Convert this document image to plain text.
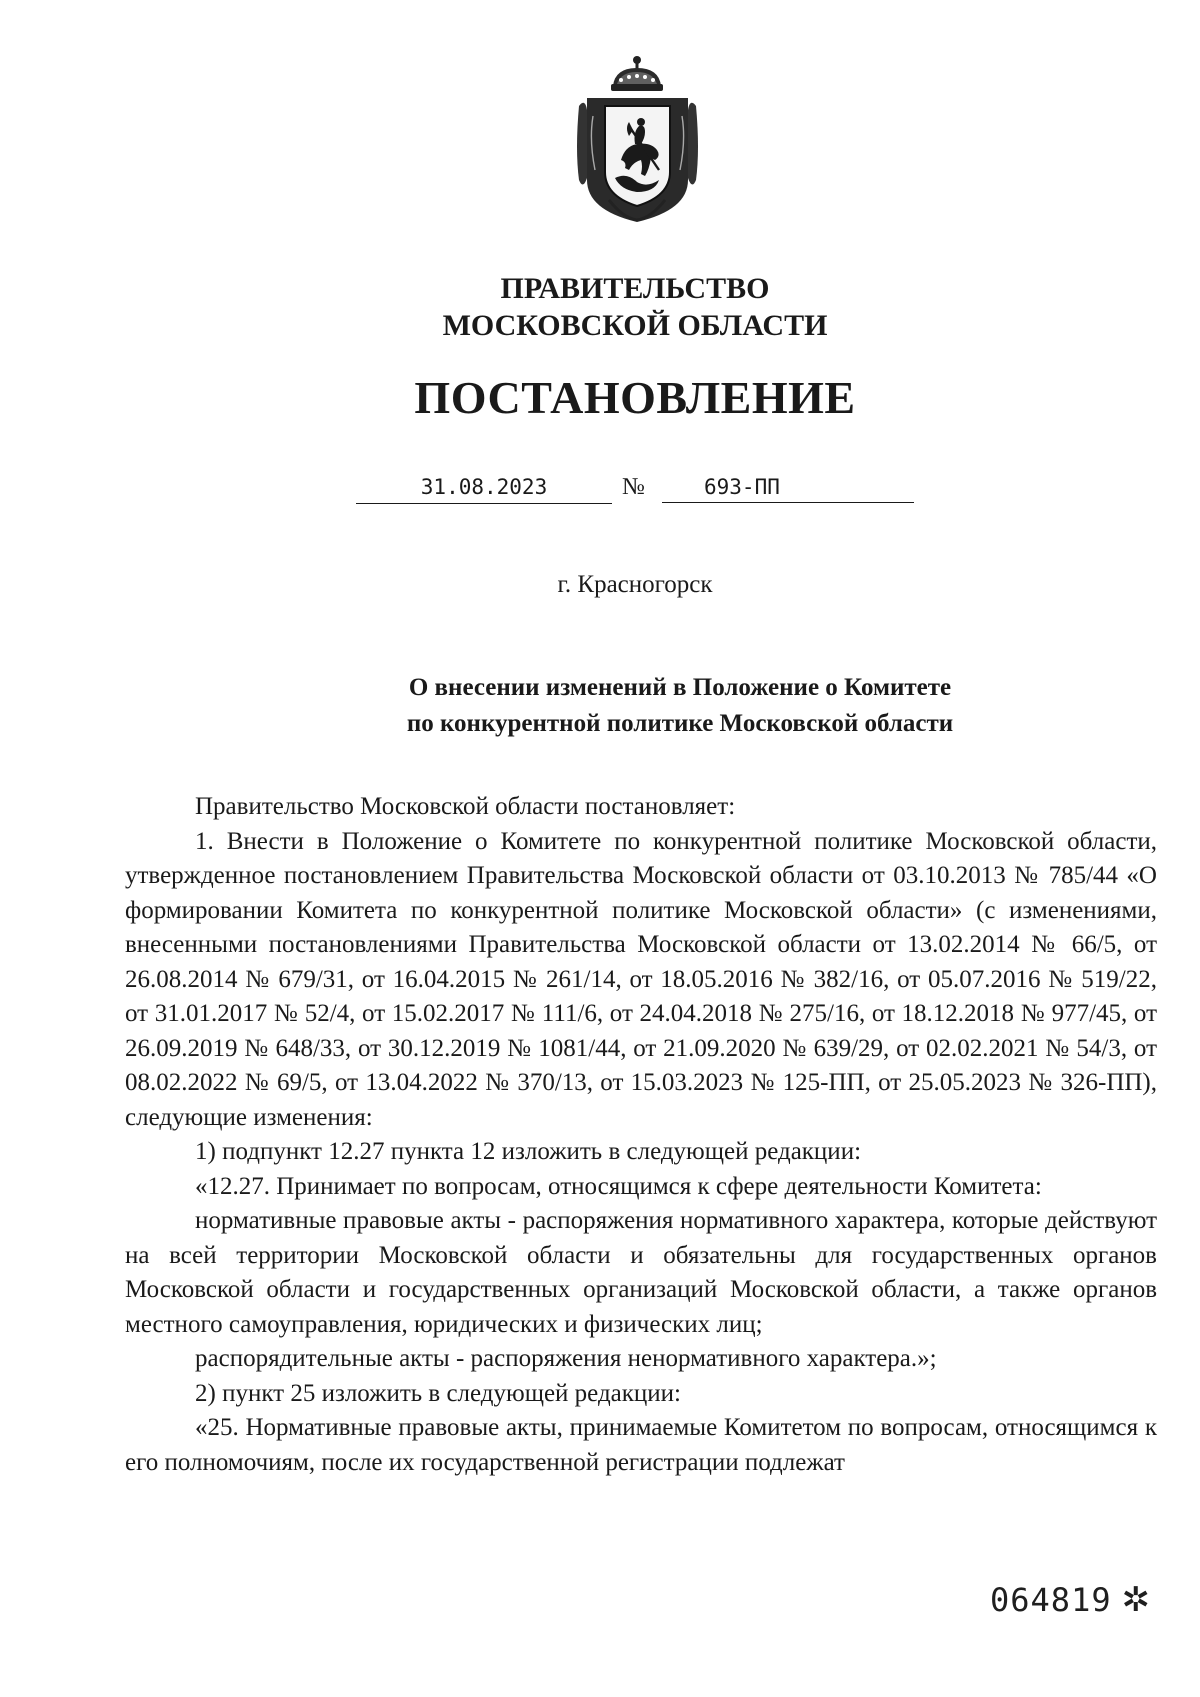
ПРАВИТЕЛЬСТВО
МОСКОВСКОЙ ОБЛАСТИ
ПОСТАНОВЛЕНИЕ
31.08.2023	№	693-ПП
г. Красногорск
О внесении изменений в Положение о Комитете
по конкурентной политике Московской области

Правительство Московской области постановляет:

1. Внести в Положение о Комитете по конкурентной политике Московской области, утвержденное постановлением Правительства Московской области от 03.10.2013 № 785/44 «О формировании Комитета по конкурентной политике Московской области» (с изменениями, внесенными постановлениями Правительства Московской области от 13.02.2014 № 66/5, от 26.08.2014 № 679/31, от 16.04.2015 № 261/14, от 18.05.2016 № 382/16, от 05.07.2016 № 519/22, от 31.01.2017 № 52/4, от 15.02.2017 № 111/6, от 24.04.2018 № 275/16, от 18.12.2018 № 977/45, от 26.09.2019 № 648/33, от 30.12.2019 № 1081/44, от 21.09.2020 № 639/29, от 02.02.2021 № 54/3, от 08.02.2022 № 69/5, от 13.04.2022 № 370/13, от 15.03.2023 № 125-ПП, от 25.05.2023 № 326-ПП), следующие изменения:

1) подпункт 12.27 пункта 12 изложить в следующей редакции:

«12.27. Принимает по вопросам, относящимся к сфере деятельности Комитета:

нормативные правовые акты - распоряжения нормативного характера, которые действуют на всей территории Московской области и обязательны для государственных органов Московской области и государственных организаций Московской области, а также органов местного самоуправления, юридических и физических лиц;

распорядительные акты - распоряжения ненормативного характера.»;

2) пункт 25 изложить в следующей редакции:

«25. Нормативные правовые акты, принимаемые Комитетом по вопросам, относящимся к его полномочиям, после их государственной регистрации подлежат

064819 ✲
